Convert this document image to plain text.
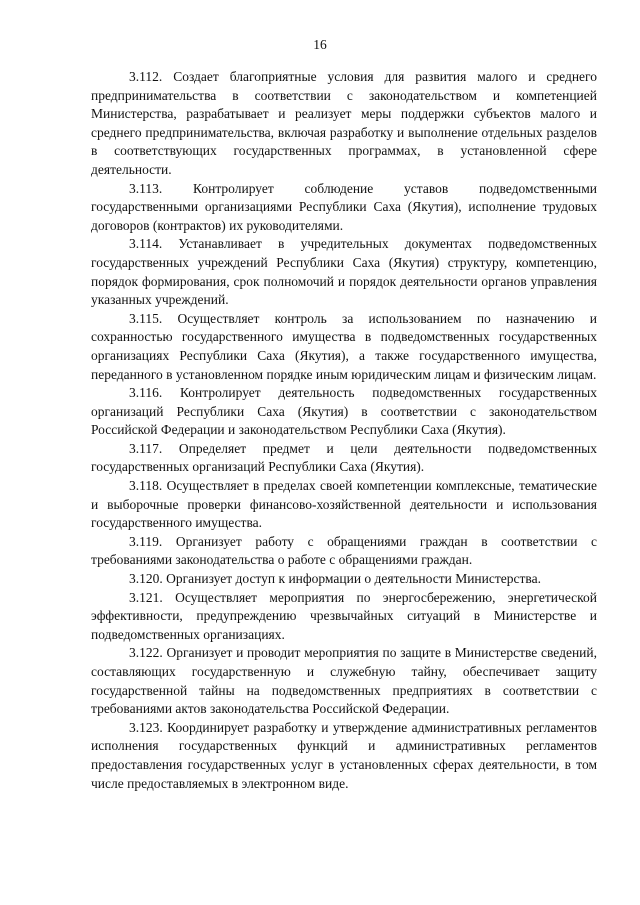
16

3.112. Создает благоприятные условия для развития малого и среднего предпринимательства в соответствии с законодательством и компетенцией Министерства, разрабатывает и реализует меры поддержки субъектов малого и среднего предпринимательства, включая разработку и выполнение отдельных разделов в соответствующих государственных программах, в установленной сфере деятельности.

3.113. Контролирует соблюдение уставов подведомственными государственными организациями Республики Саха (Якутия), исполнение трудовых договоров (контрактов) их руководителями.

3.114. Устанавливает в учредительных документах подведомственных государственных учреждений Республики Саха (Якутия) структуру, компетенцию, порядок формирования, срок полномочий и порядок деятельности органов управления указанных учреждений.

3.115. Осуществляет контроль за использованием по назначению и сохранностью государственного имущества в подведомственных государственных организациях Республики Саха (Якутия), а также государственного имущества, переданного в установленном порядке иным юридическим лицам и физическим лицам.

3.116. Контролирует деятельность подведомственных государственных организаций Республики Саха (Якутия) в соответствии с законодательством Российской Федерации и законодательством Республики Саха (Якутия).

3.117. Определяет предмет и цели деятельности подведомственных государственных организаций Республики Саха (Якутия).

3.118. Осуществляет в пределах своей компетенции комплексные, тематические и выборочные проверки финансово-хозяйственной деятельности и использования государственного имущества.

3.119. Организует работу с обращениями граждан в соответствии с требованиями законодательства о работе с обращениями граждан.

3.120. Организует доступ к информации о деятельности Министерства.

3.121. Осуществляет мероприятия по энергосбережению, энергетической эффективности, предупреждению чрезвычайных ситуаций в Министерстве и подведомственных организациях.

3.122. Организует и проводит мероприятия по защите в Министерстве сведений, составляющих государственную и служебную тайну, обеспечивает защиту государственной тайны на подведомственных предприятиях в соответствии с требованиями актов законодательства Российской Федерации.

3.123. Координирует разработку и утверждение административных регламентов исполнения государственных функций и административных регламентов предоставления государственных услуг в установленных сферах деятельности, в том числе предоставляемых в электронном виде.
